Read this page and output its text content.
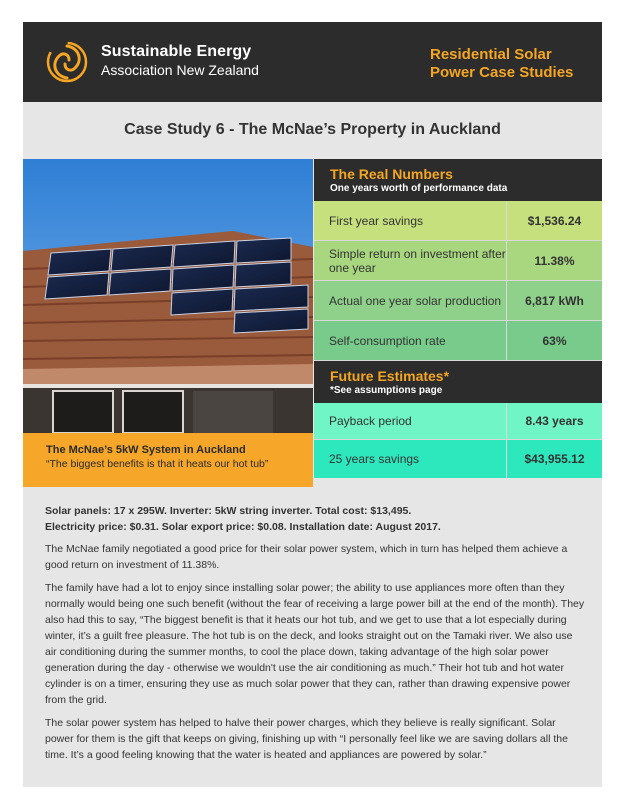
Sustainable Energy
Association New Zealand
Residential Solar
Power Case Studies
Case Study 6 - The McNae’s Property in Auckland
The McNae’s 5kW System in Auckland
“The biggest benefits is that it heats our hot tub”
The Real Numbers
One years worth of performance data
First year savings	$1,536.24
Simple return on investment after one year	11.38%
Actual one year solar production	6,817 kWh
Self-consumption rate	63%
Future Estimates*
*See assumptions page
Payback period	8.43 years
25 years savings	$43,955.12
Solar panels: 17 x 295W. Inverter: 5kW string inverter. Total cost: $13,495.
Electricity price: $0.31. Solar export price: $0.08. Installation date: August 2017.

The McNae family negotiated a good price for their solar power system, which in turn has helped them achieve a good return on investment of 11.38%.

The family have had a lot to enjoy since installing solar power; the ability to use appliances more often than they normally would being one such benefit (without the fear of receiving a large power bill at the end of the month). They also had this to say, “The biggest benefit is that it heats our hot tub, and we get to use that a lot especially during winter, it’s a guilt free pleasure. The hot tub is on the deck, and looks straight out on the Tamaki river. We also use air conditioning during the summer months, to cool the place down, taking advantage of the high solar power generation during the day - otherwise we wouldn't use the air conditioning as much.” Their hot tub and hot water cylinder is on a timer, ensuring they use as much solar power that they can, rather than drawing expensive power from the grid.

The solar power system has helped to halve their power charges, which they believe is really significant. Solar power for them is the gift that keeps on giving, finishing up with “I personally feel like we are saving dollars all the time. It’s a good feeling knowing that the water is heated and appliances are powered by solar.”
